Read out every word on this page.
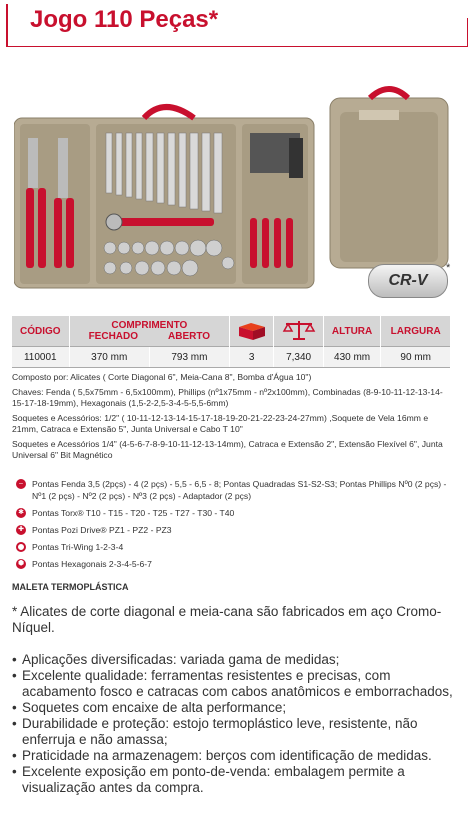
Jogo 110 Peças*
CR-V
*
CÓDIGO	COMPRIMENTO
FECHADO ABERTO				ALTURA	LARGURA
110001	370 mm	793 mm	3	7,340	430 mm	90 mm

Composto por: Alicates ( Corte Diagonal 6", Meia-Cana 8", Bomba d'Água 10")

Chaves: Fenda ( 5,5x75mm - 6,5x100mm), Phillips (nº1x75mm - nº2x100mm), Combinadas (8-9-10-11-12-13-14-15-17-18-19mm), Hexagonais (1,5-2-2,5-3-4-5-5,5-6mm)

Soquetes e Acessórios: 1/2" ( 10-11-12-13-14-15-17-18-19-20-21-22-23-24-27mm) ,Soquete de Vela 16mm e 21mm, Catraca e Extensão 5", Junta Universal e Cabo T 10"

Soquetes e Acessórios 1/4" (4-5-6-7-8-9-10-11-12-13-14mm), Catraca e Extensão 2", Extensão Flexível 6", Junta Universal 6" Bit Magnético

–	Pontas Fenda 3,5 (2pçs) - 4 (2 pçs) - 5,5 - 6,5 - 8; Pontas Quadradas S1-S2-S3; Pontas Phillips Nº0 (2 pçs) - Nº1 (2 pçs) - Nº2 (2 pçs) - Nº3 (2 pçs) - Adaptador (2 pçs)
✱ Pontas Torx® T10 - T15 - T20 - T25 - T27 - T30 - T40
✚ Pontas Pozi Drive® PZ1 - PZ2 - PZ3
Pontas Tri-Wing 1-2-3-4
⬢ Pontas Hexagonais 2-3-4-5-6-7
MALETA TERMOPLÁSTICA
* Alicates de corte diagonal e meia-cana são fabricados em aço Cromo-Níquel.
• Aplicações diversificadas: variada gama de medidas;
• Excelente qualidade: ferramentas resistentes e precisas, com acabamento fosco e catracas com cabos anatômicos e emborrachados,
• Soquetes com encaixe de alta performance;
• Durabilidade e proteção: estojo termoplástico leve, resistente, não enferruja e não amassa;
• Praticidade na armazenagem: berços com identificação de medidas.
• Excelente exposição em ponto-de-venda: embalagem permite a visualização antes da compra.
